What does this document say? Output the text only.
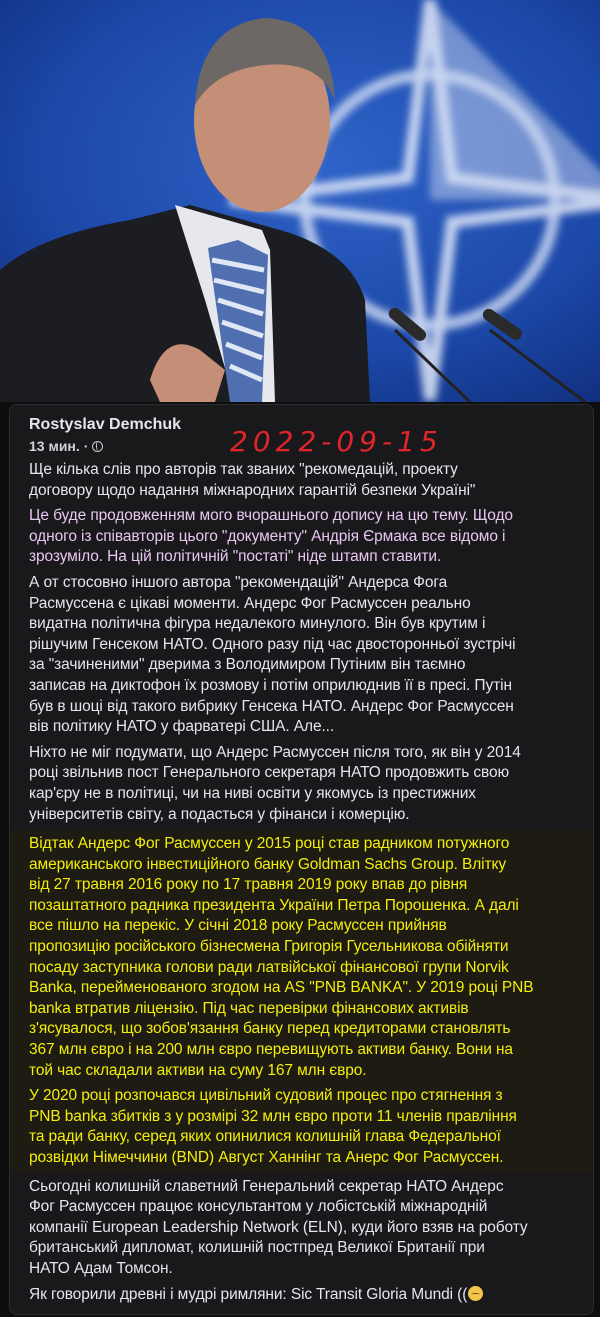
Rostyslav Demchuk
13 мин. ·	2022-09-15
Ще кілька слів про авторів так званих "рекомедацій, проекту
договору щодо надання міжнародних гарантій безпеки Україні"
Це буде продовженням мого вчорашнього допису на цю тему. Щодо
одного із співавторів цього "документу" Андрія Єрмака все відомо і
зрозуміло. На цій політичній "постаті" ніде штамп ставити.
А от стосовно іншого автора "рекомендацій" Андерса Фога
Расмуссена є цікаві моменти. Андерс Фог Расмуссен реально
видатна політична фігура недалекого минулого. Він був крутим і
рішучим Генсеком НАТО. Одного разу під час двосторонньої зустрічі
за "зачиненими" дверима з Володимиром Путіним він таємно
записав на диктофон їх розмову і потім оприлюднив її в пресі. Путін
був в шоці від такого вибрику Генсека НАТО. Андерс Фог Расмуссен
вів політику НАТО у фарватері США. Але...
Ніхто не міг подумати, що Андерс Расмуссен після того, як він у 2014
році звільнив пост Генерального секретаря НАТО продовжить свою
кар'єру не в політиці, чи на ниві освіти у якомусь із престижних
університетів світу, а подасться у фінанси і комерцію.
Відтак Андерс Фог Расмуссен у 2015 році став радником потужного
американського інвестиційного банку Goldman Sachs Group. Влітку
від 27 травня 2016 року по 17 травня 2019 року впав до рівня
позаштатного радника президента України Петра Порошенка. А далі
все пішло на перекіс. У січні 2018 року Расмуссен прийняв
пропозицію російського бізнесмена Григорія Гусельникова обійняти
посаду заступника голови ради латвійської фінансової групи Norvik
Banka, перейменованого згодом на AS "PNB BANKA". У 2019 році PNB
banka втратив ліцензію. Під час перевірки фінансових активів
з'ясувалося, що зобов'язання банку перед кредиторами становлять
367 млн євро і на 200 млн євро перевищують активи банку. Вони на
той час складали активи на суму 167 млн євро.
У 2020 році розпочався цивільний судовий процес про стягнення з
PNB banka збитків з у розмірі 32 млн євро проти 11 членів правління
та ради банку, серед яких опинилися колишній глава Федеральної
розвідки Німеччини (BND) Август Ханнінг та Анерс Фог Расмуссен.
Сьогодні колишній славетний Генеральний секретар НАТО Андерс
Фог Расмуссен працює консультантом у лобістській міжнародній
компанії European Leadership Network (ELN), куди його взяв на роботу
британський дипломат, колишній постпред Великої Британії при
НАТО Адам Томсон.
Як говорили древні і мудрі римляни: Sic Transit Gloria Mundi ((
